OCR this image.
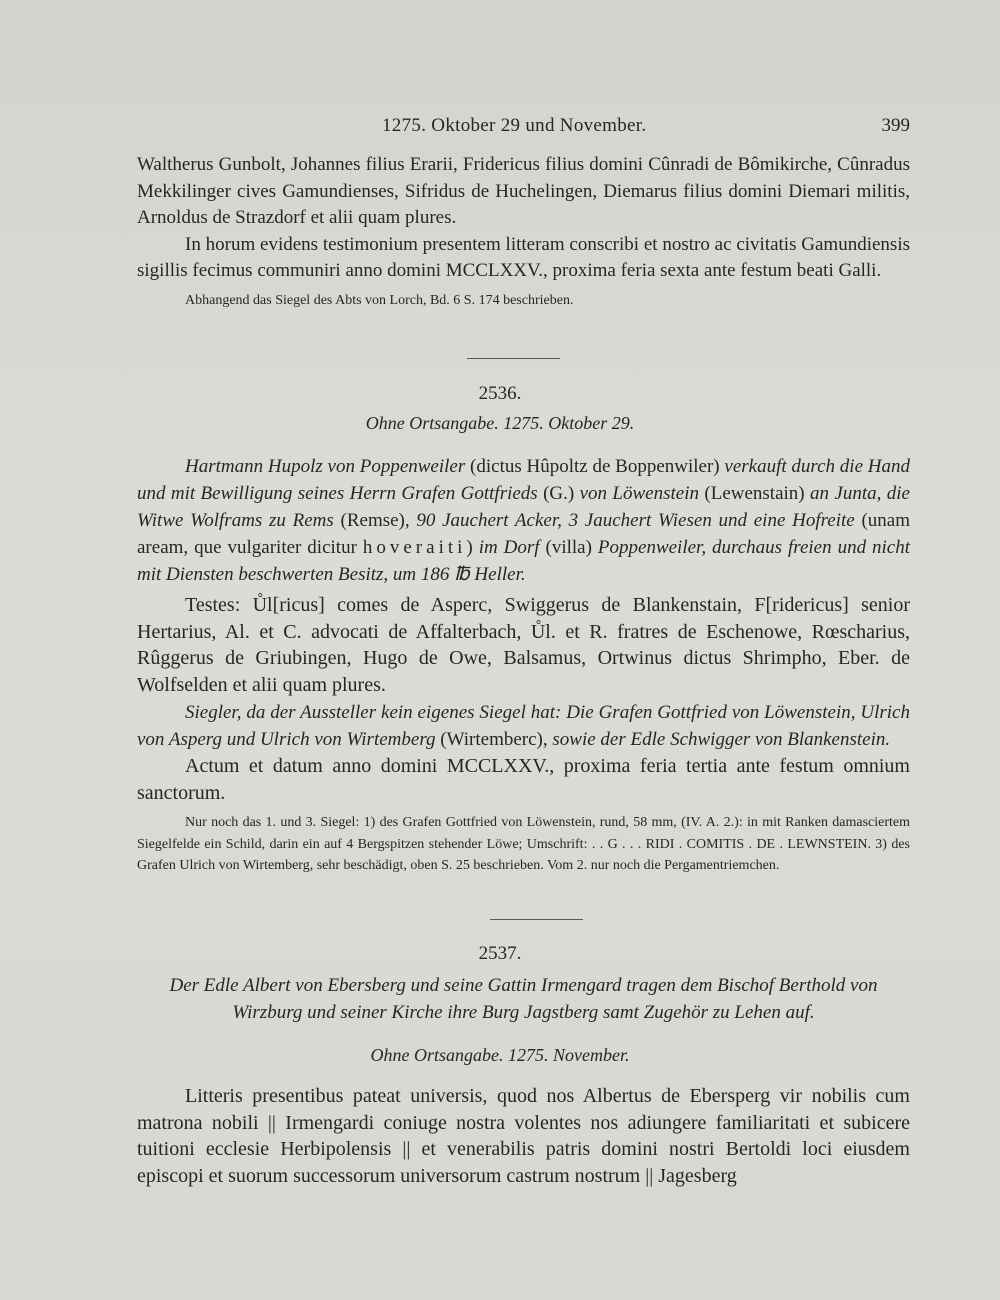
1275. Oktober 29 und November.	399

Waltherus Gunbolt, Johannes filius Erarii, Fridericus filius domini Cûnradi de Bômikirche, Cûnradus Mekkilinger cives Gamundienses, Sifridus de Huchelingen, Diemarus filius domini Diemari militis, Arnoldus de Strazdorf et alii quam plures.

In horum evidens testimonium presentem litteram conscribi et nostro ac civitatis Gamundiensis sigillis fecimus communiri anno domini MCCLXXV., proxima feria sexta ante festum beati Galli.

Abhangend das Siegel des Abts von Lorch, Bd. 6 S. 174 beschrieben.

2536.
Ohne Ortsangabe. 1275. Oktober 29.

Hartmann Hupolz von Poppenweiler (dictus Hûpoltz de Boppenwiler) verkauft durch die Hand und mit Bewilligung seines Herrn Grafen Gottfrieds (G.) von Löwenstein (Lewenstain) an Junta, die Witwe Wolframs zu Rems (Remse), 90 Jauchert Acker, 3 Jauchert Wiesen und eine Hofreite (unam aream, que vulgariter dicitur hoveraiti) im Dorf (villa) Poppenweiler, durchaus freien und nicht mit Diensten beschwerten Besitz, um 186 ℔ Heller.

Testes: Ůl[ricus] comes de Asperc, Swiggerus de Blankenstain, F[ridericus] senior Hertarius, Al. et C. advocati de Affalterbach, Ůl. et R. fratres de Eschenowe, Rœscharius, Rûggerus de Griubingen, Hugo de Owe, Balsamus, Ortwinus dictus Shrimpho, Eber. de Wolfselden et alii quam plures.

Siegler, da der Aussteller kein eigenes Siegel hat: Die Grafen Gottfried von Löwenstein, Ulrich von Asperg und Ulrich von Wirtemberg (Wirtemberc), sowie der Edle Schwigger von Blankenstein.

Actum et datum anno domini MCCLXXV., proxima feria tertia ante festum omnium sanctorum.

Nur noch das 1. und 3. Siegel: 1) des Grafen Gottfried von Löwenstein, rund, 58 mm, (IV. A. 2.): in mit Ranken damasciertem Siegelfelde ein Schild, darin ein auf 4 Bergspitzen stehender Löwe; Umschrift: . . G . . . RIDI . COMITIS . DE . LEWNSTEIN. 3) des Grafen Ulrich von Wirtemberg, sehr beschädigt, oben S. 25 beschrieben. Vom 2. nur noch die Pergamentriemchen.

2537.

Der Edle Albert von Ebersberg und seine Gattin Irmengard tragen dem Bischof Berthold von Wirzburg und seiner Kirche ihre Burg Jagstberg samt Zugehör zu Lehen auf.

Ohne Ortsangabe. 1275. November.

Litteris presentibus pateat universis, quod nos Albertus de Ebersperg vir nobilis cum matrona nobili || Irmengardi coniuge nostra volentes nos adiungere familiaritati et subicere tuitioni ecclesie Herbipolensis || et venerabilis patris domini nostri Bertoldi loci eiusdem episcopi et suorum successorum universorum castrum nostrum || Jagesberg
